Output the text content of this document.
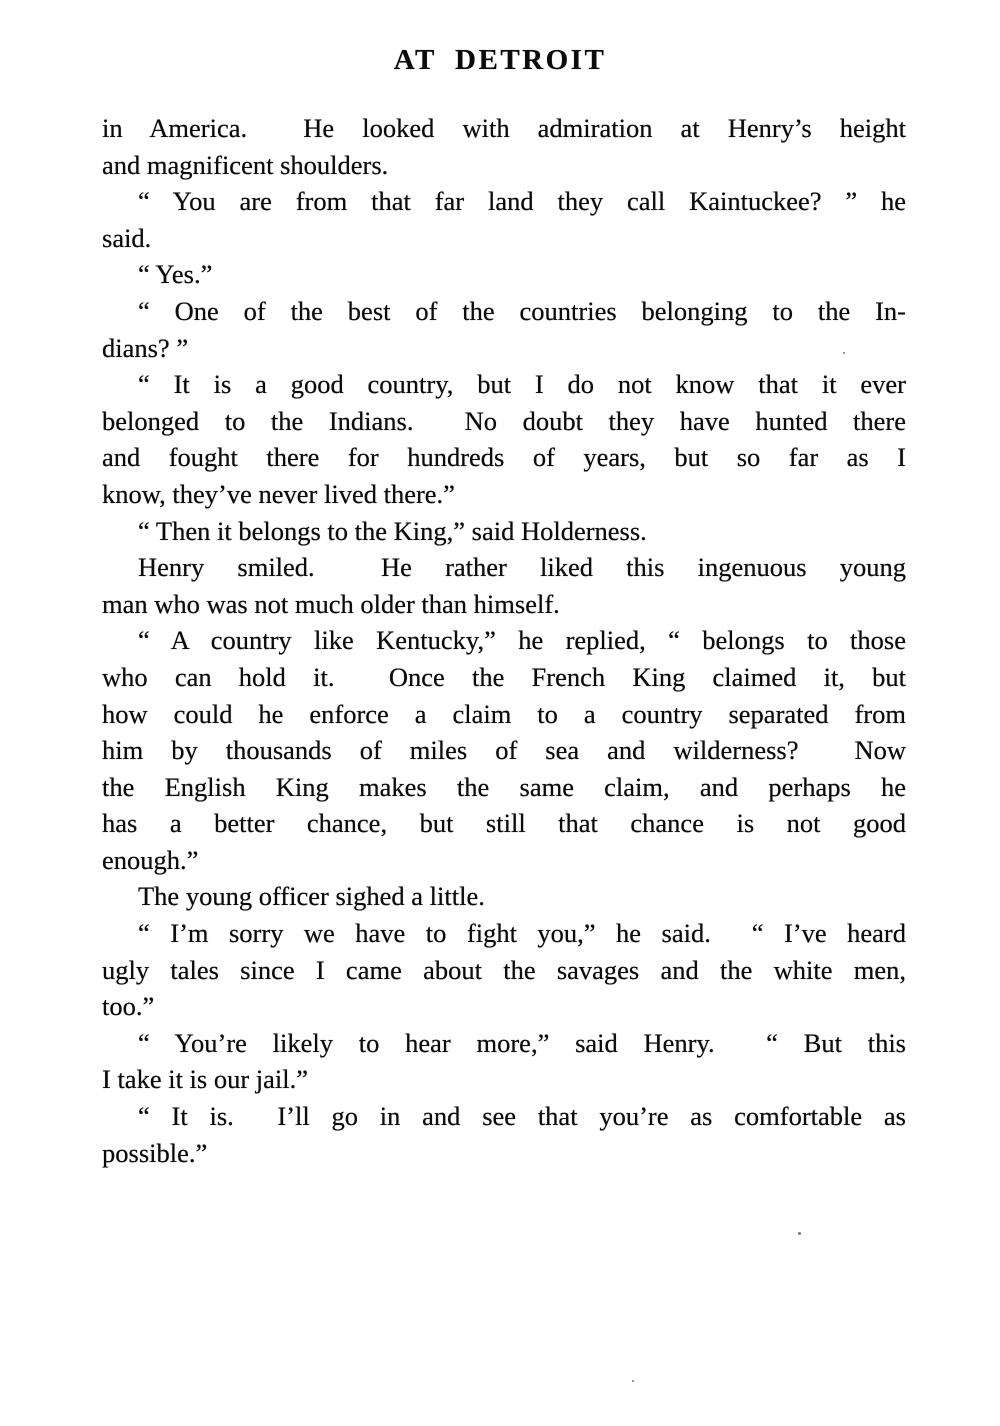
AT DETROIT
in America.  He looked with admiration at Henry’s height
and magnificent shoulders.
“ You are from that far land they call Kaintuckee? ” he
said.
“ Yes.”
“ One of the best of the countries belonging to the In-
dians? ”
“ It is a good country, but I do not know that it ever
belonged to the Indians.  No doubt they have hunted there
and fought there for hundreds of years, but so far as I
know, they’ve never lived there.”
“ Then it belongs to the King,” said Holderness.
Henry smiled.  He rather liked this ingenuous young
man who was not much older than himself.
“ A country like Kentucky,” he replied, “ belongs to those
who can hold it.  Once the French King claimed it, but
how could he enforce a claim to a country separated from
him by thousands of miles of sea and wilderness?  Now
the English King makes the same claim, and perhaps he
has a better chance, but still that chance is not good
enough.”
The young officer sighed a little.
“ I’m sorry we have to fight you,” he said.  “ I’ve heard
ugly tales since I came about the savages and the white men,
too.”
“ You’re likely to hear more,” said Henry.  “ But this
I take it is our jail.”
“ It is.  I’ll go in and see that you’re as comfortable as
possible.”
